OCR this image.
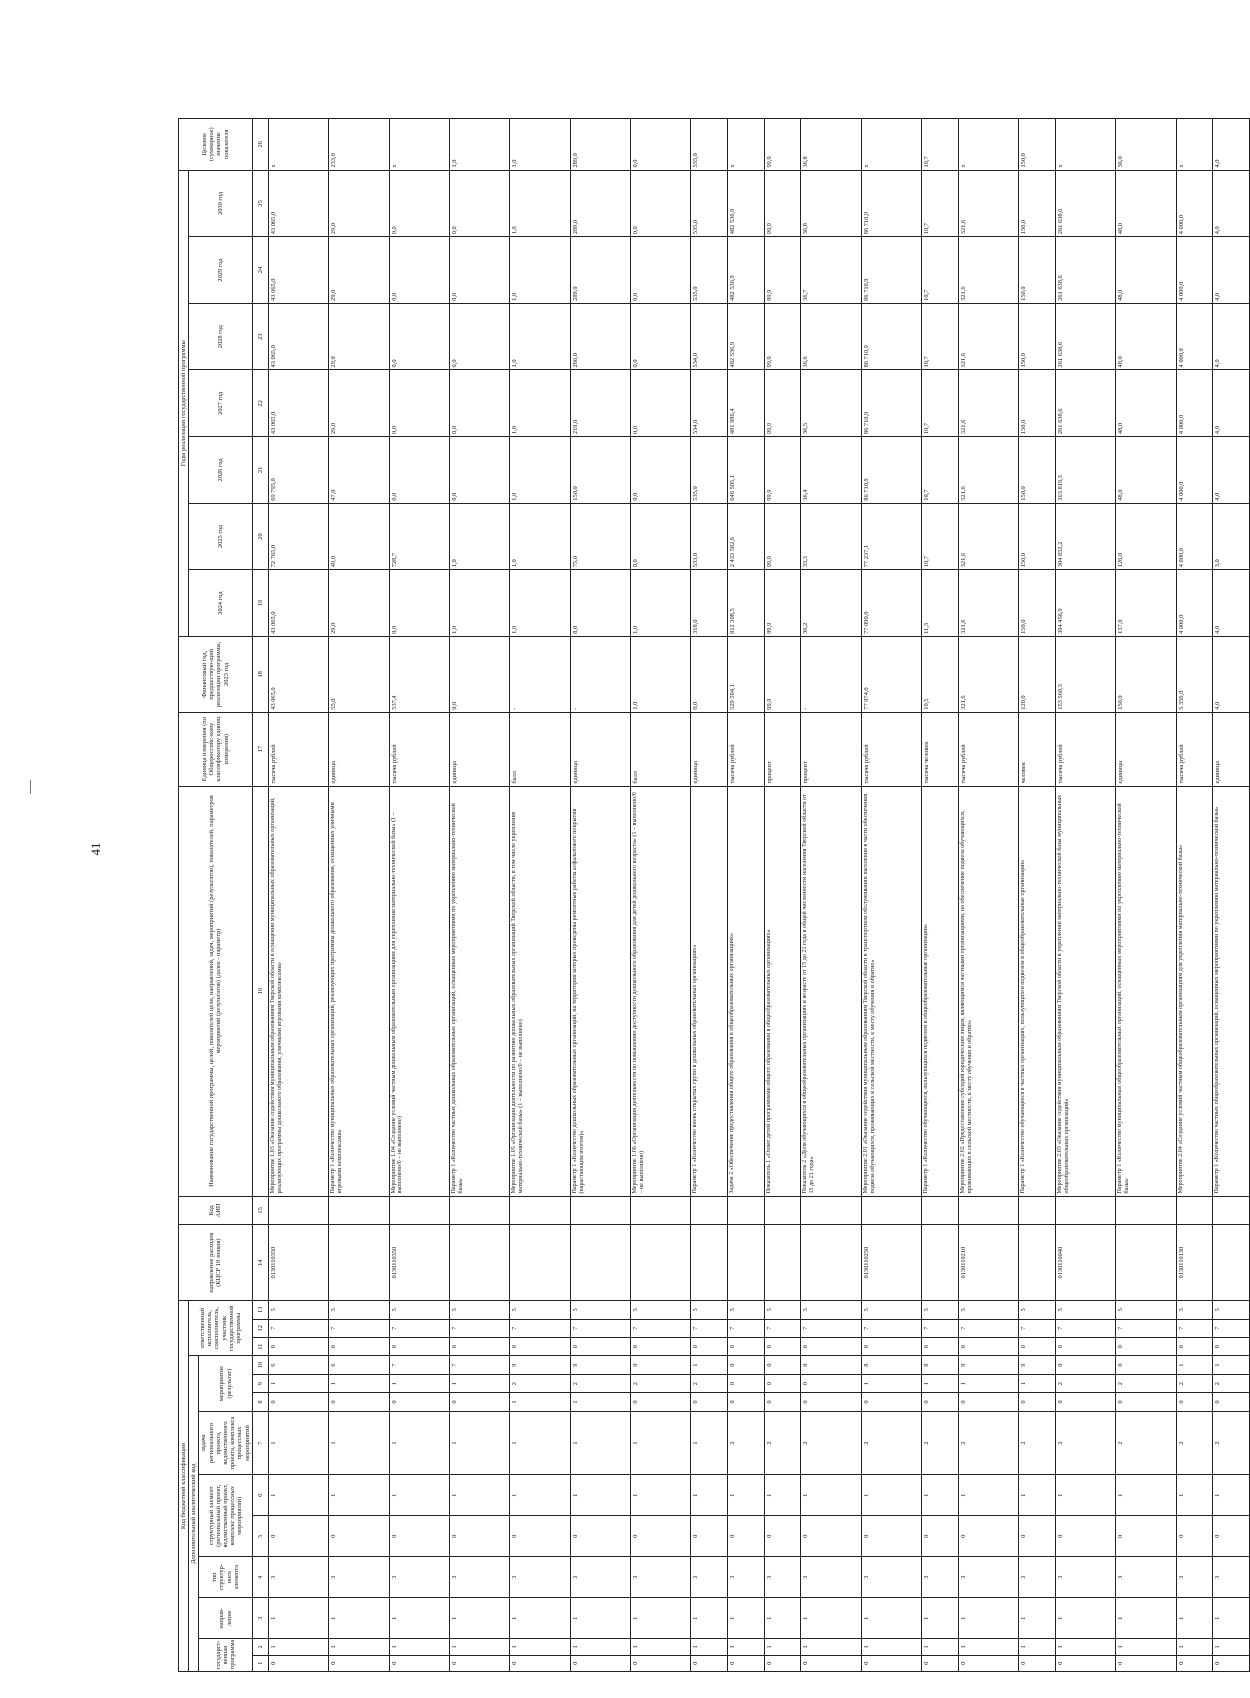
41
Код бюджетной классификации													направление расходов (КЦСР 10 знаков)	Код АИП	Наименование государственной программы, целей, показателей цели, направлений, задач, мероприятий (результатов), показателей, параметров мероприятий (результатов) (далее - параметр)	Единица измерения (по Общероссийс-кому классификатору единиц измерения)	Финансовый год, предшествую-щий реализации программы, 2023 год	Годы реализации государственной программы							Целевое (суммарное) значение показателя
Дополнительный аналитический код										ответственный исполнитель, соисполнитель, участник государственной программы								2024 год	2025 год	2026 год	2027 год	2028 год	2029 год	2030 год	
государст-венная программа		направ-ление	тип структур-ного элемента	структурный элемент (региональный проект, ведомственный проект, комплекс процессных мероприятий)		задача регионального проекта, ведомственного проекта, комплекса процессных мероприятий	мероприятие (результат)																		
1	2	3	4	5	6	7	8	9	10	11	12	13	14	15	16	17	18	19	20	21	22	23	24	25	26
0	1	1	3	0	1	1	0	1	6	0	7	5	0130110350		Мероприятие 1.03 «Оказание содействия муниципальным образованиям Тверской области в оснащении муниципальных образовательных организаций, реализующих программы дошкольного образования, уличными игровыми комплексами»	тысяча рублей	43 065,0	43 065,0	72 765,0	69 795,0	43 065,0	43 065,0	43 065,0	43 065,0	х
0	1	1	3	0	1	1	0	1	6	0	7	5			Параметр 1 «Количество муниципальных образовательных организаций, реализующих программы дошкольного образования, оснащенных уличными игровыми комплексами»	единица	55,0	29,0	49,0	47,0	29,0	29,0	29,0	29,0	233,0
0	1	1	3	0	1	1	0	1	7	0	7	5	0130110350		Мероприятие 1.04 «Создание условий частным дошкольным образовательным организациям для укрепления материально-технической базы» (1 – выполнено/0 – не выполнено)	тысяча рублей	537,4	0,0	728,7	0,0	0,0	0,0	0,0	0,0	х
0	1	1	3	0	1	1	0	1	7	0	7	5			Параметр 1 «Количество частных дошкольных образовательных организаций, оснащенных мероприятиями по укреплению материально-технической базы»	единица	0,0	1,0	1,0	0,0	0,0	0,0	0,0	0,0	1,0
0	1	1	3	0	1	1	1	2	9	0	7	5			Мероприятие 1.05 «Организация деятельности по развитию дошкольных образовательных организаций Тверской области, в том числе укрепление материально-технической базы» (1 – выполнено/0 – не выполнено)	балл	-	1,0	1,0	1,0	1,0	1,0	1,0	1,0	1,0
0	1	1	3	0	1	1	1	2	9	0	7	5			Параметр 1 «Количество дошкольных образовательных организаций, на территории которых проведены ремонтные работы асфальтового покрытия (нарастающим итогом)»	единица	-	8,0	75,0	150,0	219,0	266,0	289,0	289,0	289,0
0	1	1	3	0	1	1	0	2	0	0	7	5			Мероприятие 1.06 «Организация деятельности по повышению доступности дошкольного образования для детей дошкольного возраста» (1 – выполнено/0 – не выполнено)	балл	1,0	1,0	0,0	0,0	0,0	0,0	0,0	0,0	0,0
0	1	1	3	0	1	1	0	2	1	0	7	5			Параметр 1 «Количество вновь открытых групп в дошкольных образовательных организациях»	единица	0,0	318,0	533,0	535,0	534,0	534,0	535,0	535,0	535,0
0	1	1	3	0	1	2	0	0	0	0	7	5			Задача 2 «Обеспечение предоставления общего образования в общеобразовательных организациях»	тысяча рублей	529 594,1	812 308,5	2 433 582,6	646 505,1	481 986,4	482 536,9	482 536,9	482 536,9	х
0	1	1	3	0	1	2	0	0	0	0	7	5			Показатель 1 «Охват детей программами общего образования в общеобразовательных организациях»	процент	99,9	99,9	99,9	99,9	99,9	99,9	99,9	99,9	99,9
0	1	1	3	0	1	2	0	0	0	0	7	5			Показатель 2 «Доля обучающихся в общеобразовательных организациях в возрасте от 15 до 21 года в общей численности населения Тверской области от 15 до 21 года»	процент	-	36,2	33,3	36,4	36,5	36,6	36,7	36,8	36,8
0	1	1	3	0	1	2	0	1	8	0	7	5	0130110250		Мероприятие 2.01 «Оказание содействия муниципальным образованиям Тверской области в транспортном обслуживании населения в части обеспечения подвоза обучающихся, проживающих в сельской местности, к месту обучения и обратно»	тысяча рублей	77 074,0	77 090,0	77 237,1	86 710,9	86 710,9	86 710,9	86 710,9	86 710,9	х
0	1	1	3	0	1	2	0	1	8	0	7	5			Параметр 1 «Количество обучающихся, пользующихся подвозом в общеобразовательные организации»	тысяча человек	10,5	11,3	10,7	10,7	10,7	10,7	10,7	10,7	10,7
0	1	1	3	0	1	2	0	1	9	0	7	5	0130110210		Мероприятие 2.02 «Предоставление субсидий юридическим лицам, являющимся частными организациями, на обеспечение подвоза обучающихся, проживающих в сельской местности, к месту обучения и обратно»	тысяча рублей	321,6	321,6	321,6	321,6	321,6	321,6	321,6	321,6	х
0	1	1	3	0	1	2	0	1	9	0	7	5			Параметр 1 «Количество обучающихся в частных организациях, пользующихся подвозом в общеобразовательные организации»	человек	120,0	150,0	150,0	150,0	150,0	150,0	150,0	150,0	150,0
0	1	1	3	0	1	2	0	2	0	0	7	5	0130110040		Мероприятие 2.03 «Оказание содействия муниципальным образованиям Тверской области в укреплении материально-технической базы муниципальных общеобразовательных организаций»	тысяча рублей	153 560,3	394 456,9	304 852,2	363 819,3	261 638,6	261 638,6	261 638,6	261 638,6	х
0	1	1	3	0	1	2	0	2	0	0	7	5			Параметр 1 «Количество муниципальных общеобразовательных организаций, оснащенных мероприятиями по укреплению материально-технической базы»	единица	150,0	137,0	126,0	48,0	48,0	48,0	48,0	48,0	36,0
0	1	1	3	0	1	2	0	2	1	0	7	5	0130110130		Мероприятие 2.04 «Создание условий частным общеобразовательным организациям для укрепления материально-технической базы»	тысяча рублей	5 356,0	4 000,0	4 000,0	4 000,0	4 000,0	4 000,0	4 000,0	4 000,0	х
0	1	1	3	0	1	2	0	2	1	0	7	5			Параметр 1 «Количество частных общеобразовательных организаций, оснащенных мероприятиями по укреплению материально-технической базы»	единица	4,0	4,0	3,0	4,0	4,0	4,0	4,0	4,0	4,0
